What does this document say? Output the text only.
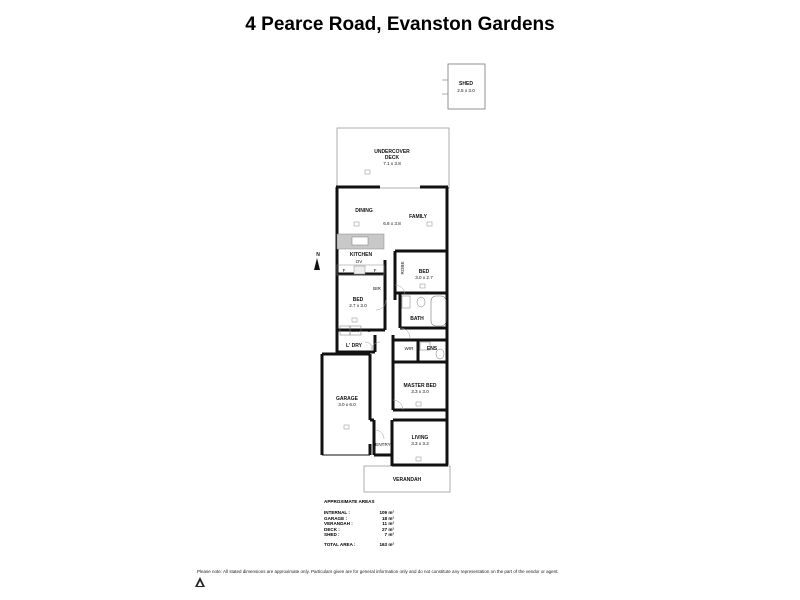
4 Pearce Road, Evanston Gardens
N
SHED
2.5 x 3.0
UNDERCOVER
DECK
7.1 x 3.8
DINING
FAMILY
6.8 x 3.8
KITCHEN
OV
F	F	BED
3.0 x 2.7
ROBE
BED
2.7 x 3.0
BIR
BATH
WM C
L' DRY	WIR	ENS
MASTER BED
3.3 x 3.0
GARAGE
3.0 x 6.0
LIVING
3.3 x 3.2
ENTRY
VERANDAH
APPROXIMATE AREAS
INTERNAL :	109 m²
GARAGE :	18 m²
VERANDAH :	11 m²
DECK :	27 m²
SHED :	7 m²
TOTAL AREA :	163 m²
Please note: All stated dimensions are approximate only. Particulars given are for general information only and do not constitute any representation on the part of the vendor or agent.
